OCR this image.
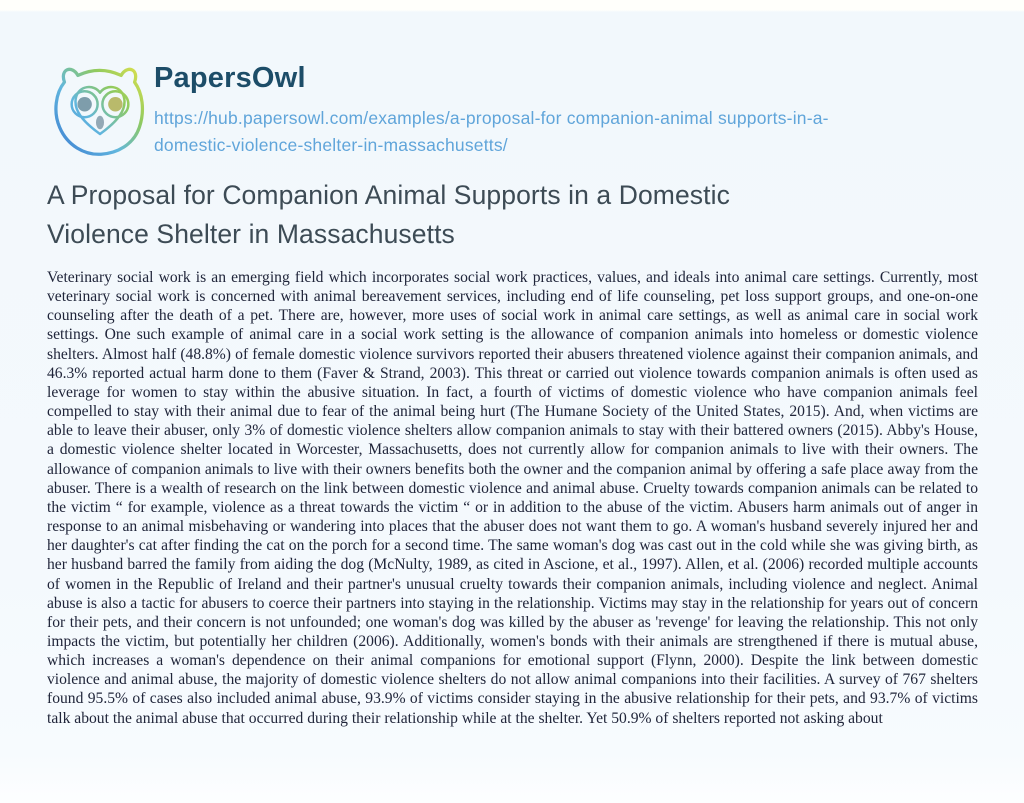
PapersOwl
https://hub.papersowl.com/examples/a-proposal-for companion-animal supports-in-a-domestic-violence-shelter-in-massachusetts/
A Proposal for Companion Animal Supports in a Domestic Violence Shelter in Massachusetts

Veterinary social work is an emerging field which incorporates social work practices, values, and ideals into animal care settings. Currently, most veterinary social work is concerned with animal bereavement services, including end of life counseling, pet loss support groups, and one-on-one counseling after the death of a pet. There are, however, more uses of social work in animal care settings, as well as animal care in social work settings. One such example of animal care in a social work setting is the allowance of companion animals into homeless or domestic violence shelters. Almost half (48.8%) of female domestic violence survivors reported their abusers threatened violence against their companion animals, and 46.3% reported actual harm done to them (Faver & Strand, 2003). This threat or carried out violence towards companion animals is often used as leverage for women to stay within the abusive situation. In fact, a fourth of victims of domestic violence who have companion animals feel compelled to stay with their animal due to fear of the animal being hurt (The Humane Society of the United States, 2015). And, when victims are able to leave their abuser, only 3% of domestic violence shelters allow companion animals to stay with their battered owners (2015). Abby's House, a domestic violence shelter located in Worcester, Massachusetts, does not currently allow for companion animals to live with their owners. The allowance of companion animals to live with their owners benefits both the owner and the companion animal by offering a safe place away from the abuser. There is a wealth of research on the link between domestic violence and animal abuse. Cruelty towards companion animals can be related to the victim “ for example, violence as a threat towards the victim “ or in addition to the abuse of the victim. Abusers harm animals out of anger in response to an animal misbehaving or wandering into places that the abuser does not want them to go. A woman's husband severely injured her and her daughter's cat after finding the cat on the porch for a second time. The same woman's dog was cast out in the cold while she was giving birth, as her husband barred the family from aiding the dog (McNulty, 1989, as cited in Ascione, et al., 1997). Allen, et al. (2006) recorded multiple accounts of women in the Republic of Ireland and their partner's unusual cruelty towards their companion animals, including violence and neglect. Animal abuse is also a tactic for abusers to coerce their partners into staying in the relationship. Victims may stay in the relationship for years out of concern for their pets, and their concern is not unfounded; one woman's dog was killed by the abuser as 'revenge' for leaving the relationship. This not only impacts the victim, but potentially her children (2006). Additionally, women's bonds with their animals are strengthened if there is mutual abuse, which increases a woman's dependence on their animal companions for emotional support (Flynn, 2000). Despite the link between domestic violence and animal abuse, the majority of domestic violence shelters do not allow animal companions into their facilities. A survey of 767 shelters found 95.5% of cases also included animal abuse, 93.9% of victims consider staying in the abusive relationship for their pets, and 93.7% of victims talk about the animal abuse that occurred during their relationship while at the shelter. Yet 50.9% of shelters reported not asking about
